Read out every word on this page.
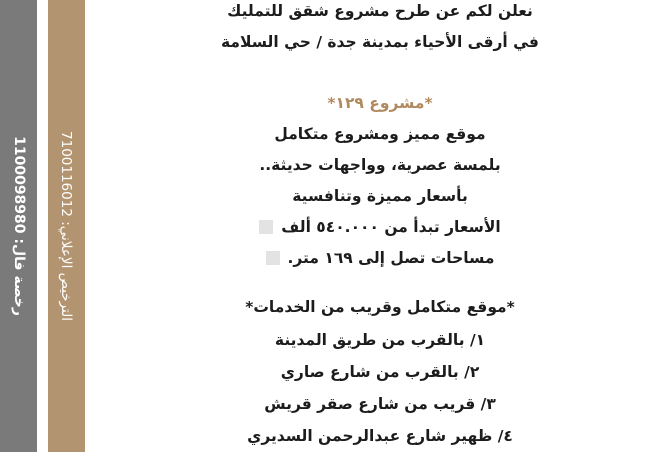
رخصة فال: 1100098980
الترخيص الإعلاني: 7100116012
نعلن لكم عن طرح مشروع شقق للتمليك
في أرقى الأحياء بمدينة جدة / حي السلامة
*مشروع ١٢٩*
موقع مميز ومشروع متكامل
بلمسة عصرية، وواجهات حديثة..
بأسعار مميزة وتنافسية
الأسعار تبدأ من ٥٤٠.٠٠٠ ألف
مساحات تصل إلى ١٦٩ متر.
*موقع متكامل وقريب من الخدمات*
١/ بالقرب من طريق المدينة
٢/ بالقرب من شارع صاري
٣/ قريب من شارع صقر قريش
٤/ ظهير شارع عبدالرحمن السديري
